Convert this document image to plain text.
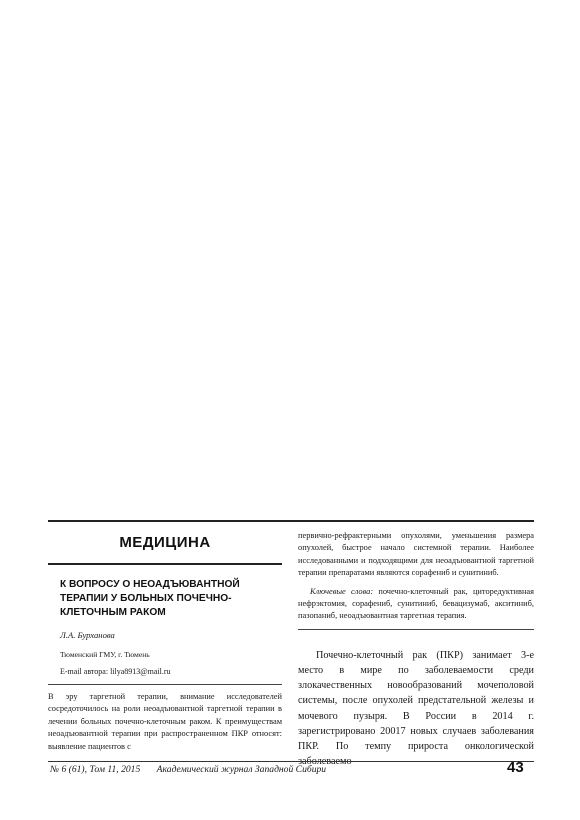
МЕДИЦИНА
К ВОПРОСУ О НЕОАДЪЮВАНТНОЙ ТЕРАПИИ У БОЛЬНЫХ ПОЧЕЧНО-КЛЕТОЧНЫМ РАКОМ
Л.А. Бурханова
Тюменский ГМУ, г. Тюмень
E-mail автора: lilya8913@mail.ru

В эру таргетной терапии, внимание исследователей сосредоточилось на роли неоадъювантной таргетной терапии в лечении больных почечно-клеточным раком. К преимуществам неоадъювантной терапии при распространенном ПКР относят: выявление пациентов с

первично-рефрактерными опухолями, уменьшения размера опухолей, быстрое начало системной терапии. Наиболее исследованными и подходящими для неоадъювантной таргетной терапии препаратами являются сорафениб и сунитиниб.

Ключевые слова: почечно-клеточный рак, циторедуктивная нефрэктомия, сорафениб, сунитиниб, бевацизумаб, акситиниб, пазопаниб, неоадъювантная таргетная терапия.

Почечно-клеточный рак (ПКР) занимает 3-е место в мире по заболеваемости среди злокачественных новообразований мочеполовой системы, после опухолей предстательной железы и мочевого пузыря. В России в 2014 г. зарегистрировано 20017 новых случаев заболевания ПКР. По темпу прироста онкологической

№ 6 (61), Том 11, 2015 Академический журнал Западной Сибири	43
